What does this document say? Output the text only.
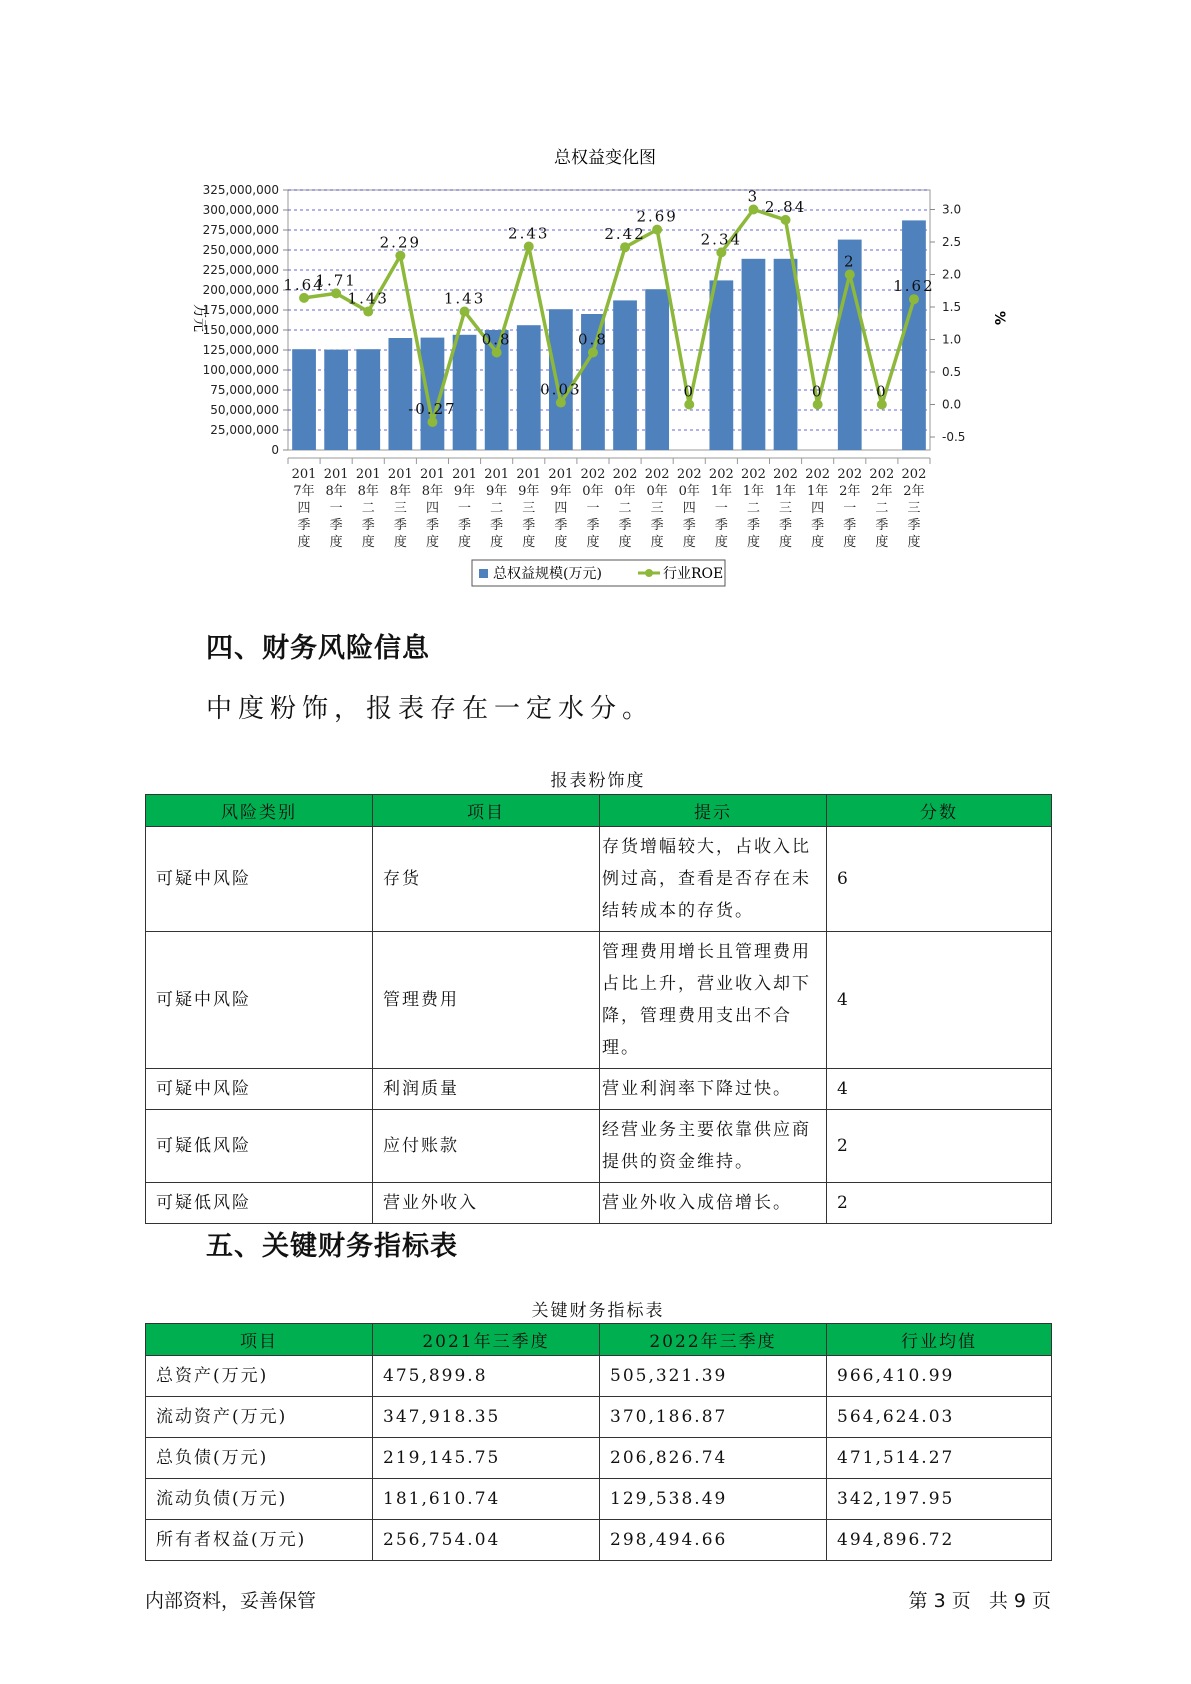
总权益变化图
325,000,000
300,000,000
275,000,000
250,000,000
225,000,000
200,000,000
175,000,000
150,000,000
125,000,000
100,000,000
75,000,000
50,000,000
25,000,000
0
3.0
2.5
2.0
1.5
1.0
0.5
0.0
-0.5
万元	%
1.64
1.71
1.43
2.29
-0.27
1.43
0.8
2.43
0.03
0.8
2.42
2.69
0
2.34
3
2.84
0
2
0
1.62
201
7年
四
季
度
201
8年
一
季
度
201
8年
二
季
度
201
8年
三
季
度
201
8年
四
季
度
201
9年
一
季
度
201
9年
二
季
度
201
9年
三
季
度
201
9年
四
季
度
202
0年
一
季
度
202
0年
二
季
度
202
0年
三
季
度
202
0年
四
季
度
202
1年
一
季
度
202
1年
二
季
度
202
1年
三
季
度
202
1年
四
季
度
202
2年
一
季
度
202
2年
二
季
度
202
2年
三
季
度
总权益规模(万元)	行业ROE
四、财务风险信息
中度粉饰，报表存在一定水分。
报表粉饰度
风险类别	项目	提示	分数
可疑中风险	存货	存货增幅较大，占收入比例过高，查看是否存在未结转成本的存货。	6
可疑中风险	管理费用	管理费用增长且管理费用占比上升，营业收入却下降，管理费用支出不合理。	4
可疑中风险	利润质量	营业利润率下降过快。	4
可疑低风险	应付账款	经营业务主要依靠供应商提供的资金维持。	2
可疑低风险	营业外收入	营业外收入成倍增长。	2
五、关键财务指标表
关键财务指标表
项目	2021年三季度	2022年三季度	行业均值
总资产(万元)	475,899.8	505,321.39	966,410.99
流动资产(万元)	347,918.35	370,186.87	564,624.03
总负债(万元)	219,145.75	206,826.74	471,514.27
流动负债(万元)	181,610.74	129,538.49	342,197.95
所有者权益(万元)	256,754.04	298,494.66	494,896.72
内部资料，妥善保管	第 3 页   共 9 页
